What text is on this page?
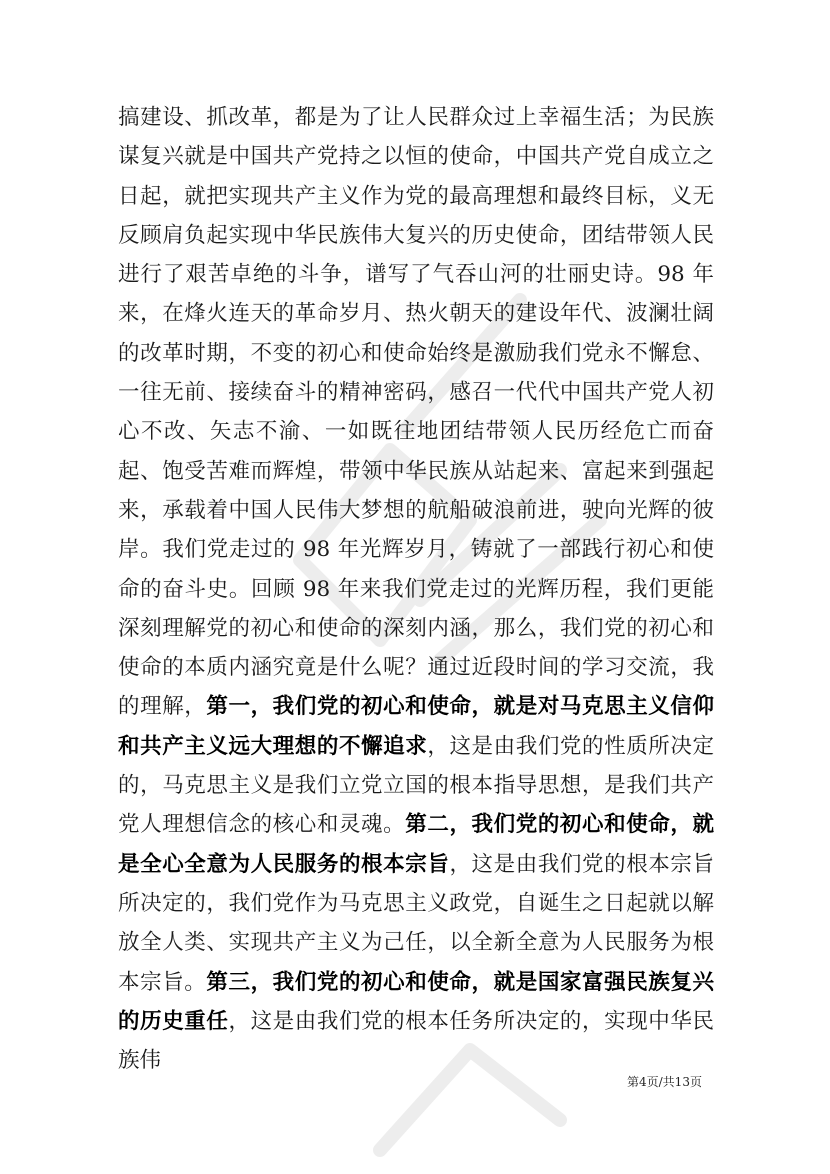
搞建设、抓改革，都是为了让人民群众过上幸福生活；为民族谋复兴就是中国共产党持之以恒的使命，中国共产党自成立之日起，就把实现共产主义作为党的最高理想和最终目标，义无反顾肩负起实现中华民族伟大复兴的历史使命，团结带领人民进行了艰苦卓绝的斗争，谱写了气吞山河的壮丽史诗。98 年来，在烽火连天的革命岁月、热火朝天的建设年代、波澜壮阔的改革时期，不变的初心和使命始终是激励我们党永不懈怠、一往无前、接续奋斗的精神密码，感召一代代中国共产党人初心不改、矢志不渝、一如既往地团结带领人民历经危亡而奋起、饱受苦难而辉煌，带领中华民族从站起来、富起来到强起来，承载着中国人民伟大梦想的航船破浪前进，驶向光辉的彼岸。我们党走过的 98 年光辉岁月，铸就了一部践行初心和使命的奋斗史。回顾 98 年来我们党走过的光辉历程，我们更能深刻理解党的初心和使命的深刻内涵，那么，我们党的初心和使命的本质内涵究竟是什么呢？通过近段时间的学习交流，我的理解，第一，我们党的初心和使命，就是对马克思主义信仰和共产主义远大理想的不懈追求，这是由我们党的性质所决定的，马克思主义是我们立党立国的根本指导思想，是我们共产党人理想信念的核心和灵魂。第二，我们党的初心和使命，就是全心全意为人民服务的根本宗旨，这是由我们党的根本宗旨所决定的，我们党作为马克思主义政党，自诞生之日起就以解放全人类、实现共产主义为己任，以全新全意为人民服务为根本宗旨。第三，我们党的初心和使命，就是国家富强民族复兴的历史重任，这是由我们党的根本任务所决定的，实现中华民族伟

第4页/共13页
